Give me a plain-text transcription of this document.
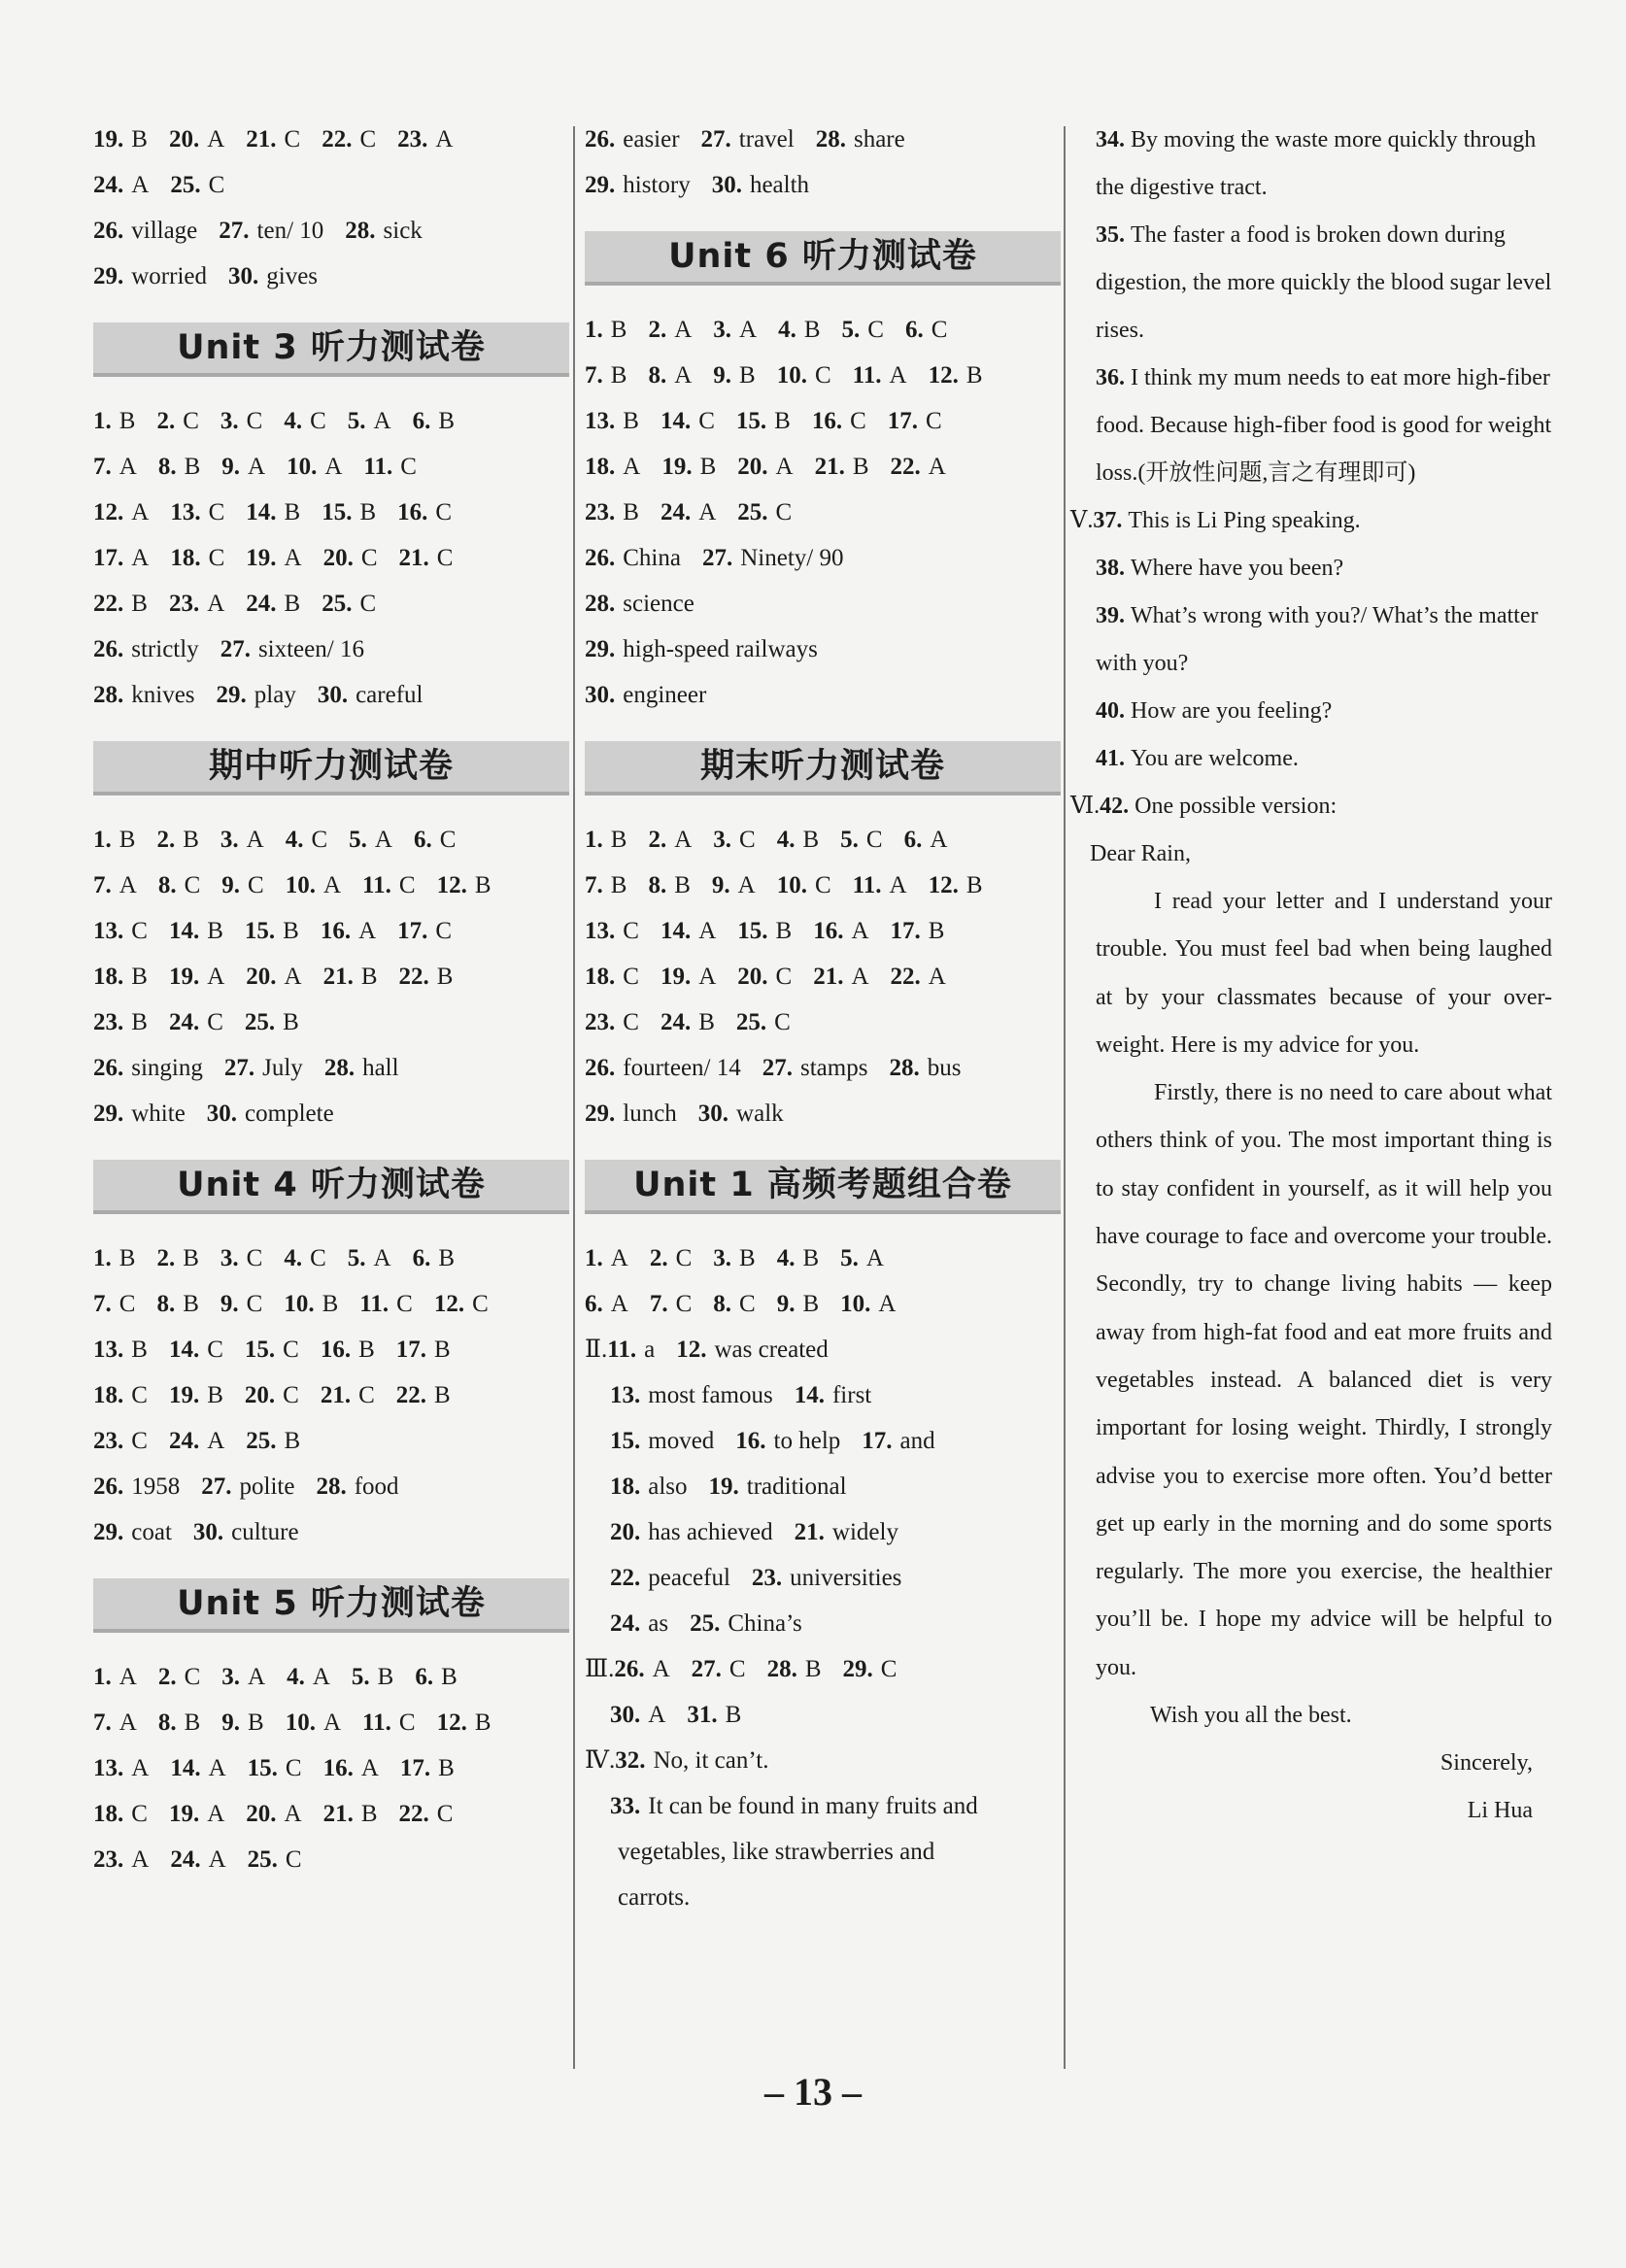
19. B 20. A 21. C 22. C 23. A
24. A 25. C
26. village 27. ten/ 10 28. sick
29. worried 30. gives
Unit 3 听力测试卷
1. B 2. C 3. C 4. C 5. A 6. B
7. A 8. B 9. A 10. A 11. C
12. A 13. C 14. B 15. B 16. C
17. A 18. C 19. A 20. C 21. C
22. B 23. A 24. B 25. C
26. strictly 27. sixteen/ 16
28. knives 29. play 30. careful
期中听力测试卷
1. B 2. B 3. A 4. C 5. A 6. C
7. A 8. C 9. C 10. A 11. C 12. B
13. C 14. B 15. B 16. A 17. C
18. B 19. A 20. A 21. B 22. B
23. B 24. C 25. B
26. singing 27. July 28. hall
29. white 30. complete
Unit 4 听力测试卷
1. B 2. B 3. C 4. C 5. A 6. B
7. C 8. B 9. C 10. B 11. C 12. C
13. B 14. C 15. C 16. B 17. B
18. C 19. B 20. C 21. C 22. B
23. C 24. A 25. B
26. 1958 27. polite 28. food
29. coat 30. culture
Unit 5 听力测试卷
1. A 2. C 3. A 4. A 5. B 6. B
7. A 8. B 9. B 10. A 11. C 12. B
13. A 14. A 15. C 16. A 17. B
18. C 19. A 20. A 21. B 22. C
23. A 24. A 25. C
26. easier 27. travel 28. share
29. history 30. health
Unit 6 听力测试卷
1. B 2. A 3. A 4. B 5. C 6. C
7. B 8. A 9. B 10. C 11. A 12. B
13. B 14. C 15. B 16. C 17. C
18. A 19. B 20. A 21. B 22. A
23. B 24. A 25. C
26. China 27. Ninety/ 90
28. science
29. high-speed railways
30. engineer
期末听力测试卷
1. B 2. A 3. C 4. B 5. C 6. A
7. B 8. B 9. A 10. C 11. A 12. B
13. C 14. A 15. B 16. A 17. B
18. C 19. A 20. C 21. A 22. A
23. C 24. B 25. C
26. fourteen/ 14 27. stamps 28. bus
29. lunch 30. walk
Unit 1 高频考题组合卷
1. A 2. C 3. B 4. B 5. A
6. A 7. C 8. C 9. B 10. A
Ⅱ.11. a 12. was created
13. most famous 14. first
15. moved 16. to help 17. and
18. also 19. traditional
20. has achieved 21. widely
22. peaceful 23. universities
24. as 25. China’s
Ⅲ.26. A 27. C 28. B 29. C
30. A 31. B
Ⅳ.32. No, it can’t.
33. It can be found in many fruits and
vegetables, like strawberries and
carrots.
34. By moving the waste more quickly through the digestive tract.
35. The faster a food is broken down during digestion, the more quickly the blood sugar level rises.
36. I think my mum needs to eat more high-fiber food. Because high-fiber food is good for weight loss.(开放性问题,言之有理即可)
Ⅴ.37. This is Li Ping speaking.
38. Where have you been?
39. What’s wrong with you?/ What’s the matter with you?
40. How are you feeling?
41. You are welcome.
Ⅵ.42. One possible version:
Dear Rain,

I read your letter and I understand your trouble. You must feel bad when being laughed at by your classmates because of your over-weight. Here is my advice for you.

Firstly, there is no need to care about what others think of you. The most important thing is to stay confident in yourself, as it will help you have courage to face and overcome your trouble. Secondly, try to change living habits — keep away from high-fat food and eat more fruits and vegetables instead. A balanced diet is very important for losing weight. Thirdly, I strongly advise you to exercise more often. You’d better get up early in the morning and do some sports regularly. The more you exercise, the healthier you’ll be. I hope my advice will be helpful to you.

Wish you all the best.
Sincerely,
Li Hua
– 13 –
